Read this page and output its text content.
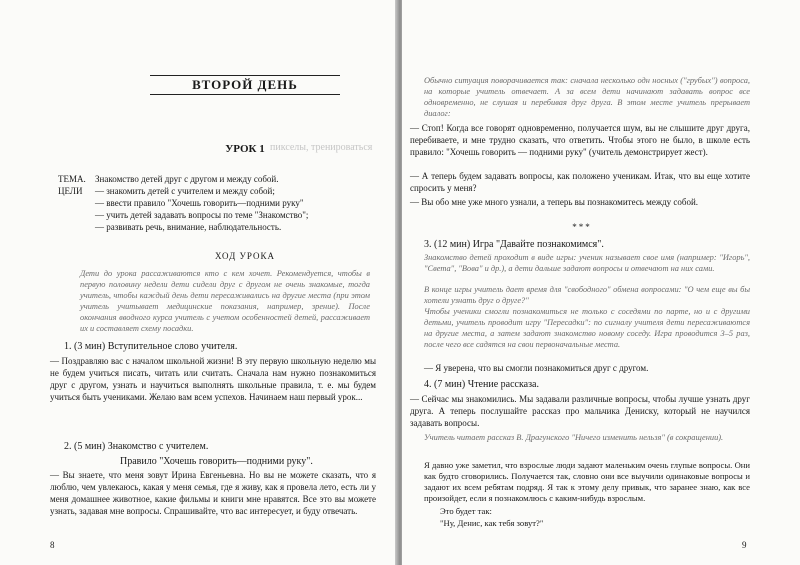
ВТОРОЙ ДЕНЬ
УРОК 1 пикселы, тренироваться
ТЕМА. Знакомство детей друг с другом и между собой.
ЦЕЛИ — знакомить детей с учителем и между собой;
— ввести правило "Хочешь говорить—подними руку"
— учить детей задавать вопросы по теме "Знакомство";
— развивать речь, внимание, наблюдательность.
ХОД УРОКА
Дети до урока рассаживаются кто с кем хочет. Рекомендуется, чтобы в первую половину недели дети сидели друг с другом не очень знакомые, тогда учитель, чтобы каждый день дети пересаживались на другие места (при этом учитель учитывает медицинские показания, например, зрение). После окончания вводного курса учитель с учетом особенностей детей, рассаживает их и составляет схему посадки.
1. (3 мин) Вступительное слово учителя.
— Поздравляю вас с началом школьной жизни! В эту первую школьную неделю мы не будем учиться писать, читать или считать. Сначала нам нужно познакомиться друг с другом, узнать и научиться выполнять школьные правила, т. е. мы будем учиться быть учениками. Желаю вам всем успехов. Начинаем наш первый урок...
2. (5 мин) Знакомство с учителем.
Правило "Хочешь говорить—подними руку".
— Вы знаете, что меня зовут Ирина Евгеньевна. Но вы не можете сказать, что я люблю, чем увлекаюсь, какая у меня семья, где я живу, как я провела лето, есть ли у меня домашнее животное, какие фильмы и книги мне нравятся. Все это вы можете узнать, задавая мне вопросы. Спрашивайте, что вас интересует, и буду отвечать.
8
Обычно ситуация поворачивается так: сначала несколько одн носных ("грубых") вопроса, на которые учитель отвечает. А за всем дети начинают задавать вопрос все одновременно, не слушая и перебивая друг друга. В этом месте учитель прерывает диалог:
— Стоп! Когда все говорят одновременно, получается шум, вы не слышите друг друга, перебиваете, и мне трудно сказать, что ответить. Чтобы этого не было, в школе есть правило: "Хочешь говорить — подними руку" (учитель демонстрирует жест).
— А теперь будем задавать вопросы, как положено ученикам. Итак, что вы еще хотите спросить у меня?
— Вы обо мне уже много узнали, а теперь вы познакомитесь между собой.
***
3. (12 мин) Игра "Давайте познакомимся".
Знакомство детей проходит в виде игры: ученик называет свое имя (например: "Игорь", "Света", "Вова" и др.), а дети дальше задают вопросы и отвечают на них сами.
В конце игры учитель дает время для "свободного" обмена вопросами: "О чем еще вы бы хотели узнать друг о друге?"
Чтобы ученики смогли познакомиться не только с соседями по парте, но и с другими детьми, учитель проводит игру "Пересадки": по сигналу учителя дети пересаживаются на другие места, а затем задают знакомство новому соседу. Игра проводится 3–5 раз, после чего все садятся на свои первоначальные места.
— Я уверена, что вы смогли познакомиться друг с другом.
4. (7 мин) Чтение рассказа.
— Сейчас мы знакомились. Мы задавали различные вопросы, чтобы лучше узнать друг друга. А теперь послушайте рассказ про мальчика Дениску, который не научился задавать вопросы.
Учитель читает рассказ В. Драгунского "Ничего изменить нельзя" (в сокращении).
Я давно уже заметил, что взрослые люди задают маленьким очень глупые вопросы. Они как будто сговорились. Получается так, словно они все выучили одинаковые вопросы и задают их всем ребятам подряд. Я так к этому делу привык, что заранее знаю, как все произойдет, если я познакомлюсь с каким-нибудь взрослым.
Это будет так:
"Ну, Денис, как тебя зовут?"
9
